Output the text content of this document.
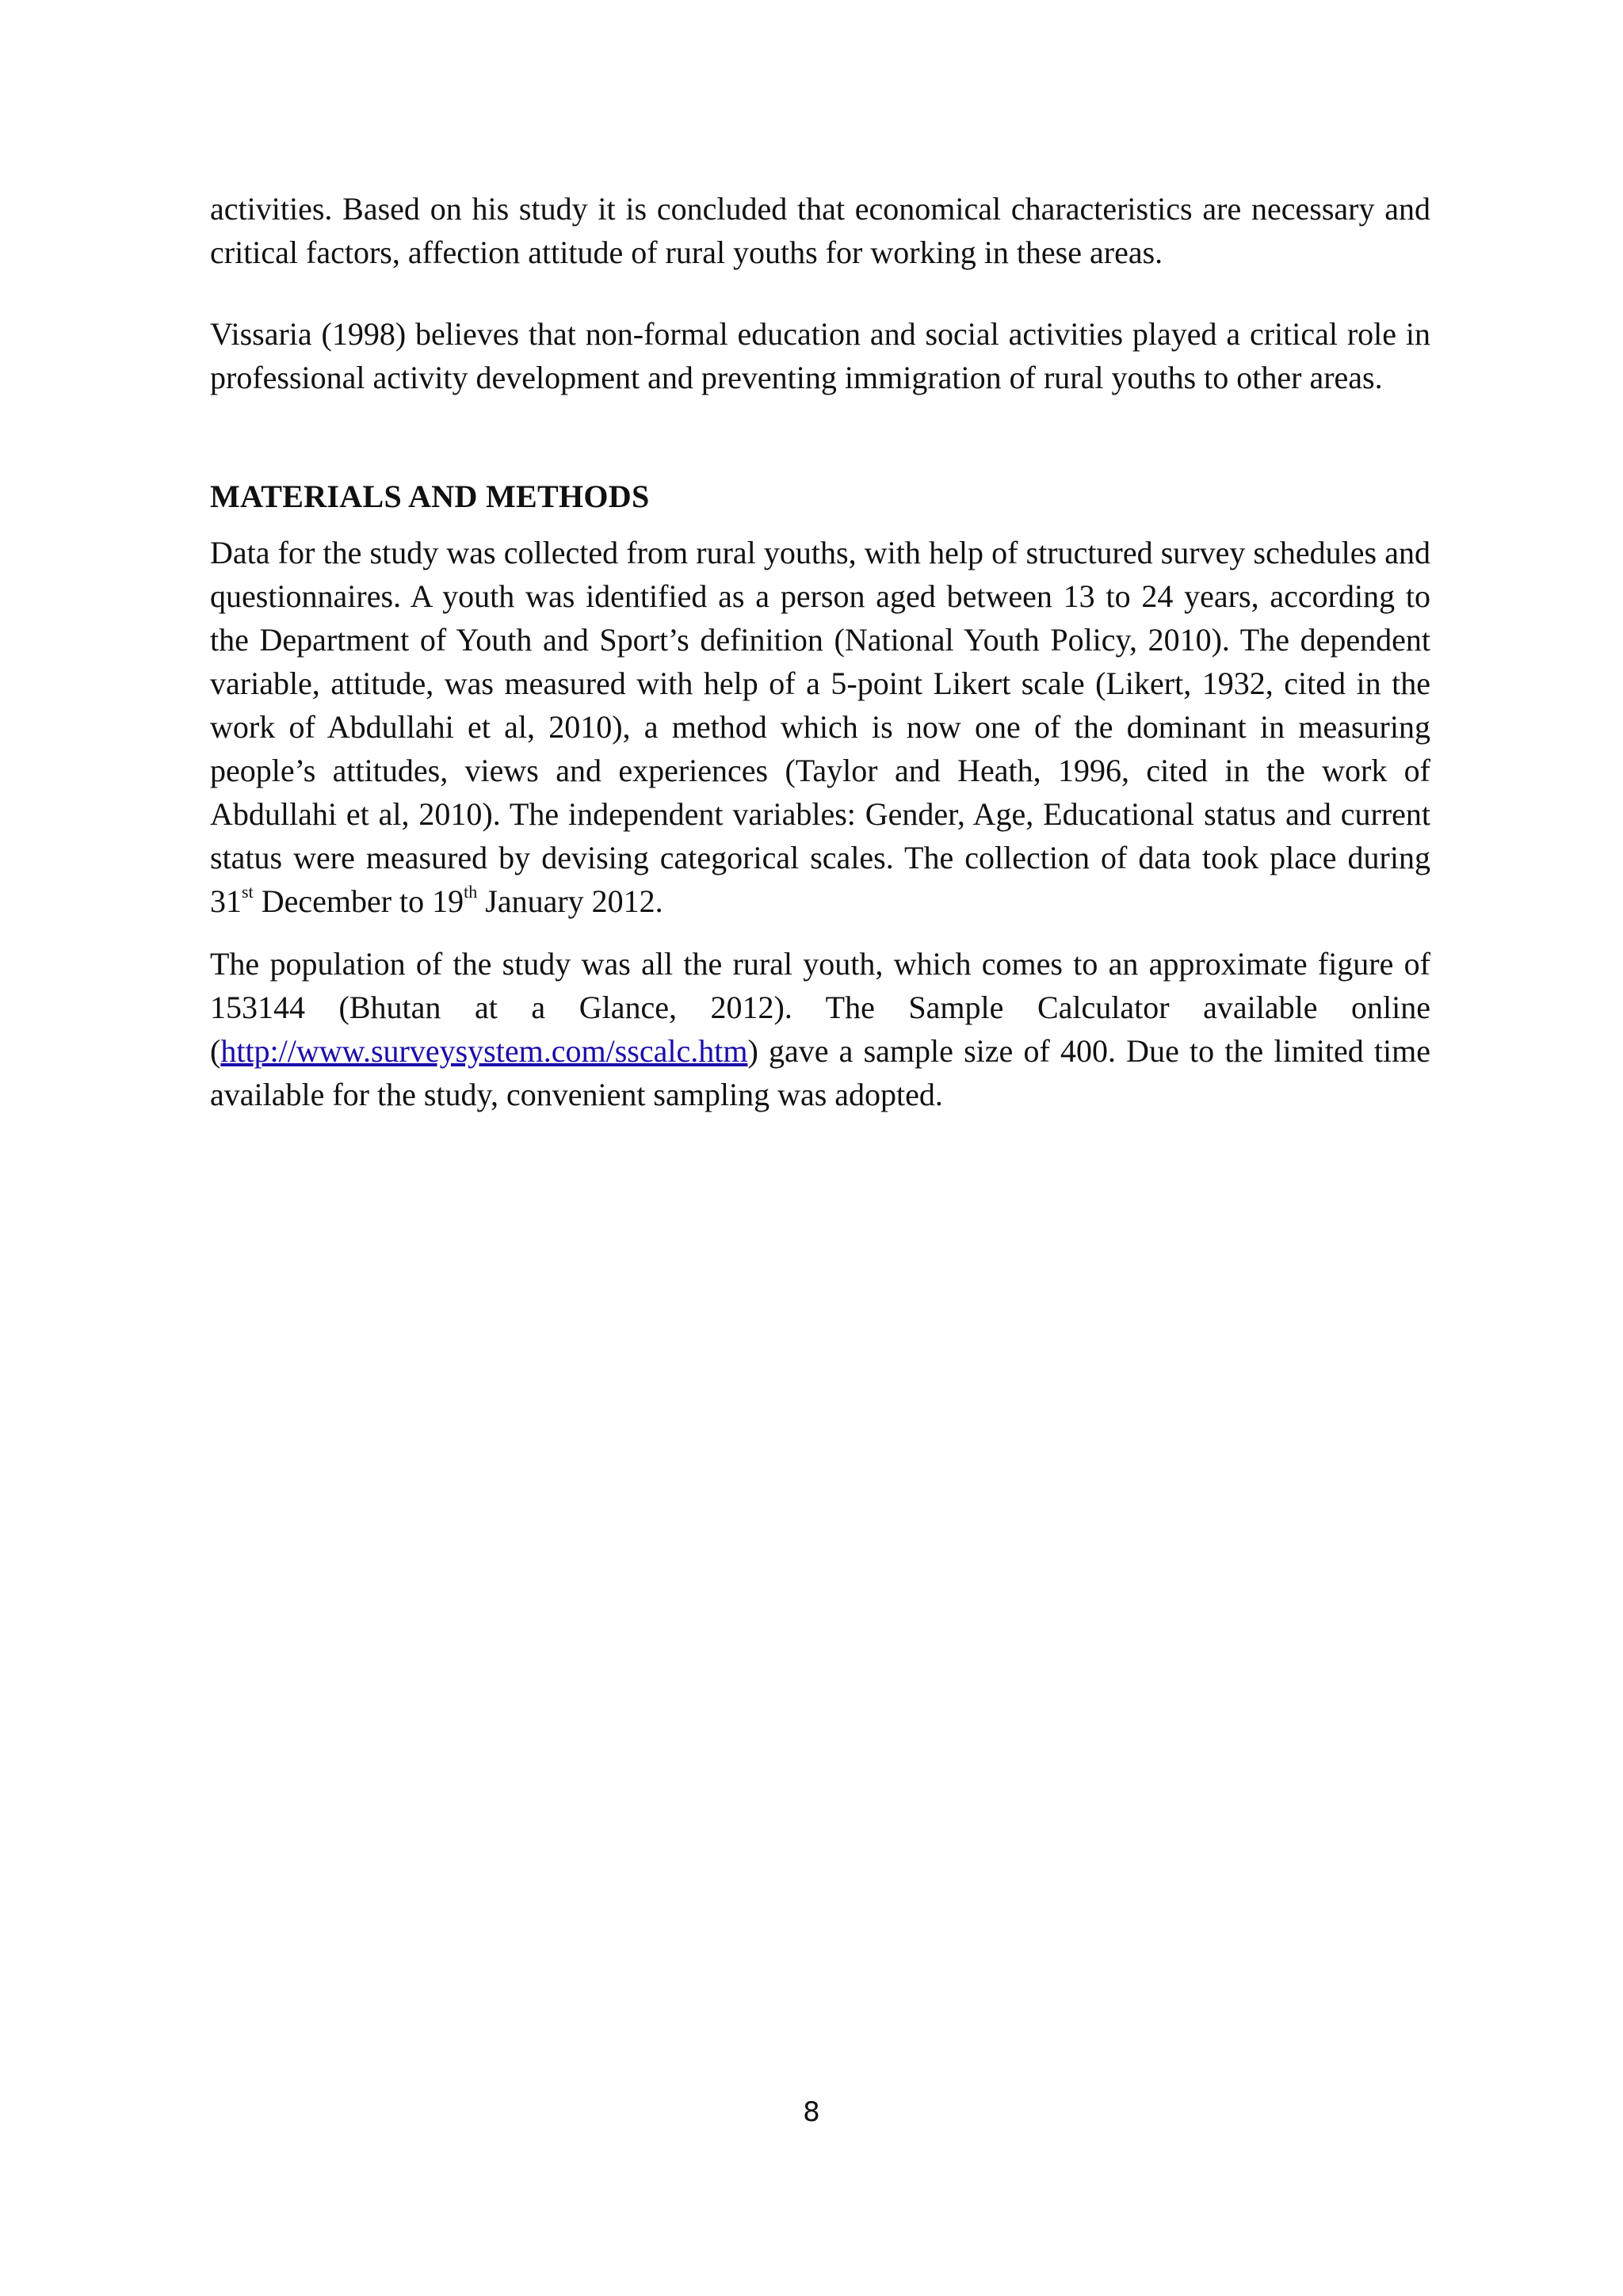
activities. Based on his study it is concluded that economical characteristics are necessary and critical factors, affection attitude of rural youths for working in these areas.

Vissaria (1998) believes that non-formal education and social activities played a critical role in professional activity development and preventing immigration of rural youths to other areas.

MATERIALS AND METHODS

Data for the study was collected from rural youths, with help of structured survey schedules and questionnaires. A youth was identified as a person aged between 13 to 24 years, according to the Department of Youth and Sport’s definition (National Youth Policy, 2010). The dependent variable, attitude, was measured with help of a 5-point Likert scale (Likert, 1932, cited in the work of Abdullahi et al, 2010), a method which is now one of the dominant in measuring people’s attitudes, views and experiences (Taylor and Heath, 1996, cited in the work of Abdullahi et al, 2010). The independent variables: Gender, Age, Educational status and current status were measured by devising categorical scales. The collection of data took place during 31st December to 19th January 2012.

The population of the study was all the rural youth, which comes to an approximate figure of 153144 (Bhutan at a Glance, 2012). The Sample Calculator available online (http://www.surveysystem.com/sscalc.htm) gave a sample size of 400. Due to the limited time available for the study, convenient sampling was adopted.

8
